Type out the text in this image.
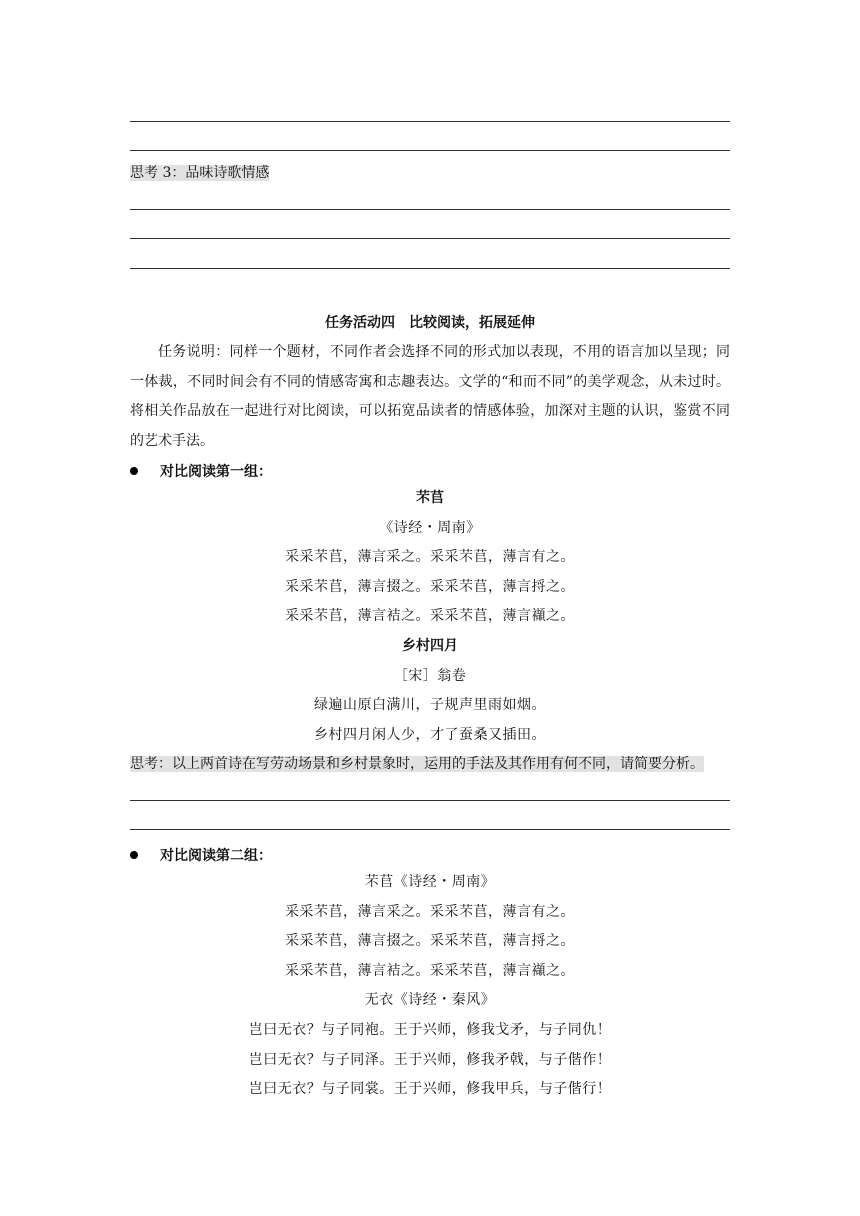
思考 3：品味诗歌情感
任务活动四　比较阅读，拓展延伸

任务说明：同样一个题材，不同作者会选择不同的形式加以表现，不用的语言加以呈现；同一体裁，不同时间会有不同的情感寄寓和志趣表达。文学的“和而不同”的美学观念，从未过时。将相关作品放在一起进行对比阅读，可以拓宽品读者的情感体验，加深对主题的认识，鉴赏不同的艺术手法。

对比阅读第一组：
芣苢
《诗经・周南》
采采芣苢，薄言采之。采采芣苢，薄言有之。
采采芣苢，薄言掇之。采采芣苢，薄言捋之。
采采芣苢，薄言袺之。采采芣苢，薄言襭之。
乡村四月
［宋］翁卷
绿遍山原白满川，子规声里雨如烟。
乡村四月闲人少，才了蚕桑又插田。
思考：以上两首诗在写劳动场景和乡村景象时，运用的手法及其作用有何不同，请简要分析。
对比阅读第二组：
芣苢《诗经・周南》
采采芣苢，薄言采之。采采芣苢，薄言有之。
采采芣苢，薄言掇之。采采芣苢，薄言捋之。
采采芣苢，薄言袺之。采采芣苢，薄言襭之。
无衣《诗经・秦风》
岂曰无衣？与子同袍。王于兴师，修我戈矛，与子同仇！
岂曰无衣？与子同泽。王于兴师，修我矛戟，与子偕作！
岂曰无衣？与子同裳。王于兴师，修我甲兵，与子偕行！
